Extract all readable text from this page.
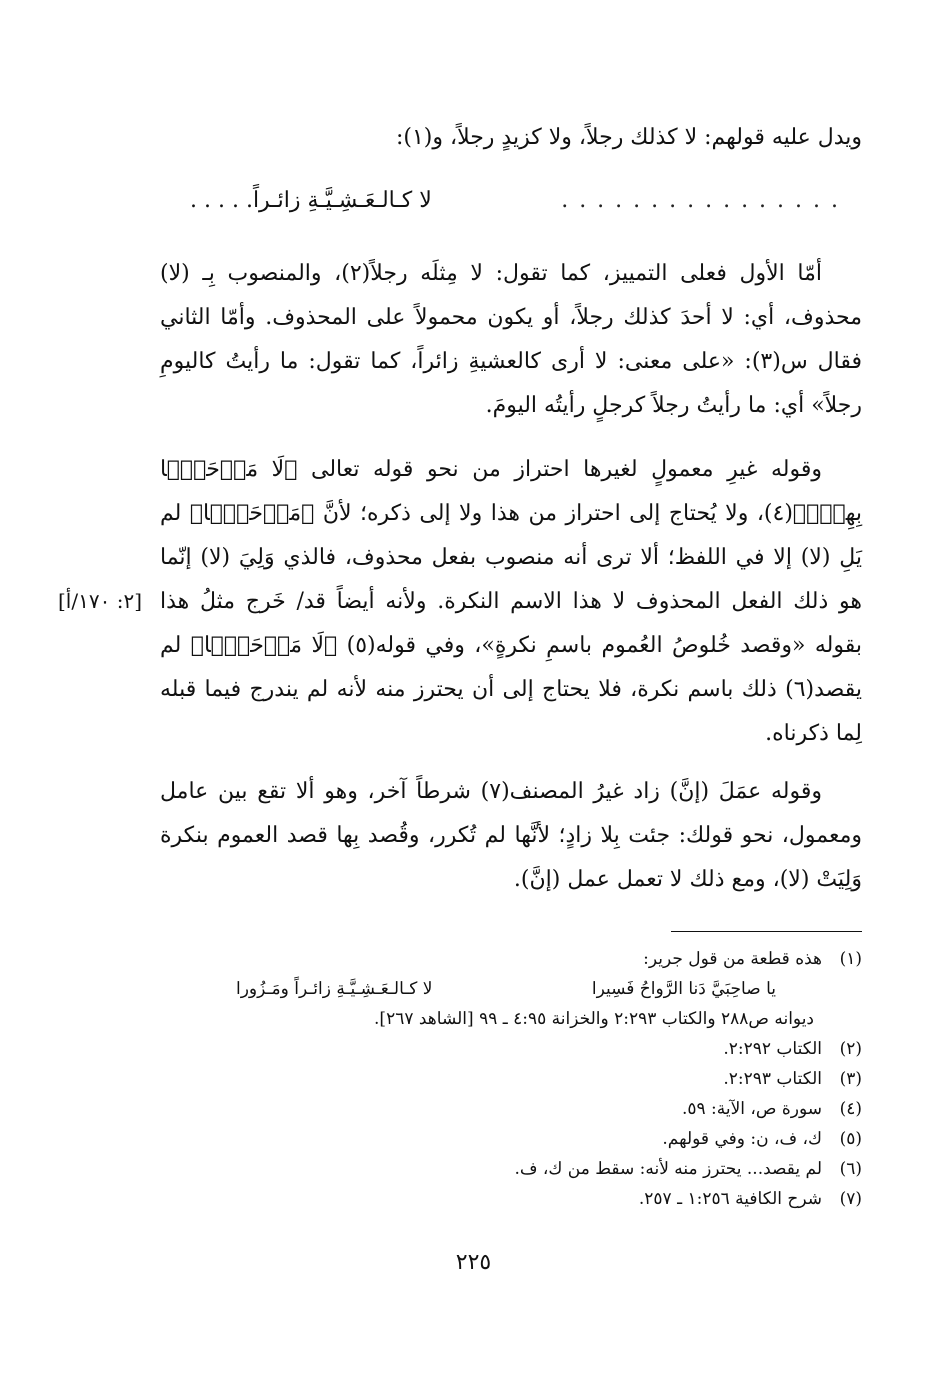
ويدل عليه قولهم: لا كذلك رجلاً، ولا كزيدٍ رجلاً، و(١):
. . . . . . . . . . . . . . . .
لا كـالـعَـشِـيَّـةِ زائـراً. . . . .
أمّا الأول فعلى التمييز، كما تقول: لا مِثلَه رجلاً(٢)، والمنصوب بِـ (لا) محذوف، أي: لا أحدَ كذلك رجلاً، أو يكون محمولاً على المحذوف. وأمّا الثاني فقال س(٣): «على معنى: لا أرى كالعشيةِ زائراً، كما تقول: ما رأيتُ كاليومِ رجلاً» أي: ما رأيتُ رجلاً كرجلٍ رأيتُه اليومَ.
وقوله غيرِ معمولٍ لغيرها احتراز من نحو قوله تعالى ﴿لَا مَرۡحَبَۢا بِهِمۡۚ﴾(٤)، ولا يُحتاج إلى احتراز من هذا ولا إلى ذكره؛ لأنَّ ﴿مَرۡحَبَۢا﴾ لم يَلِ (لا) إلا في اللفظ؛ ألا ترى أنه منصوب بفعل محذوف، فالذي وَلِيَ (لا) إنّما هو ذلك الفعل المحذوف لا هذا الاسم النكرة. ولأنه أيضاً قد/ خَرج مثلُ هذا بقوله «وقصد خُلوصُ العُموم باسمِ نكرةٍ»، وفي قوله(٥) ﴿لَا مَرۡحَبَۢا﴾ لم يقصد(٦) ذلك باسم نكرة، فلا يحتاج إلى أن يحترز منه لأنه لم يندرج فيما قبله لِما ذكرناه.
[٢: ١٧٠/أ]
وقوله عمَلَ (إنَّ) زاد غيرُ المصنف(٧) شرطاً آخر، وهو ألا تقع بين عامل ومعمول، نحو قولك: جئت بِلا زادٍ؛ لأنَّها لم تُكرر، وقُصد بِها قصد العموم بنكرة وَلِيَتْ (لا)، ومع ذلك لا تعمل عمل (إنَّ).
(١)هذه قطعة من قول جرير:
يا صاحِبَيَّ دَنا الرَّواحُ فَسِيرا
لا كـالـعَـشِـيَّـةِ زائـراً ومَـزُورا
ديوانه ص٢٨٨ والكتاب ٢:٢٩٣ والخزانة ٤:٩٥ ـ ٩٩ [الشاهد ٢٦٧].
(٢)الكتاب ٢:٢٩٢.
(٣)الكتاب ٢:٢٩٣.
(٤)سورة ص، الآية: ٥٩.
(٥)ك، ف، ن: وفي قولهم.
(٦)لم يقصد... يحترز منه لأنه: سقط من ك، ف.
(٧)شرح الكافية ١:٢٥٦ ـ ٢٥٧.
٢٢٥
